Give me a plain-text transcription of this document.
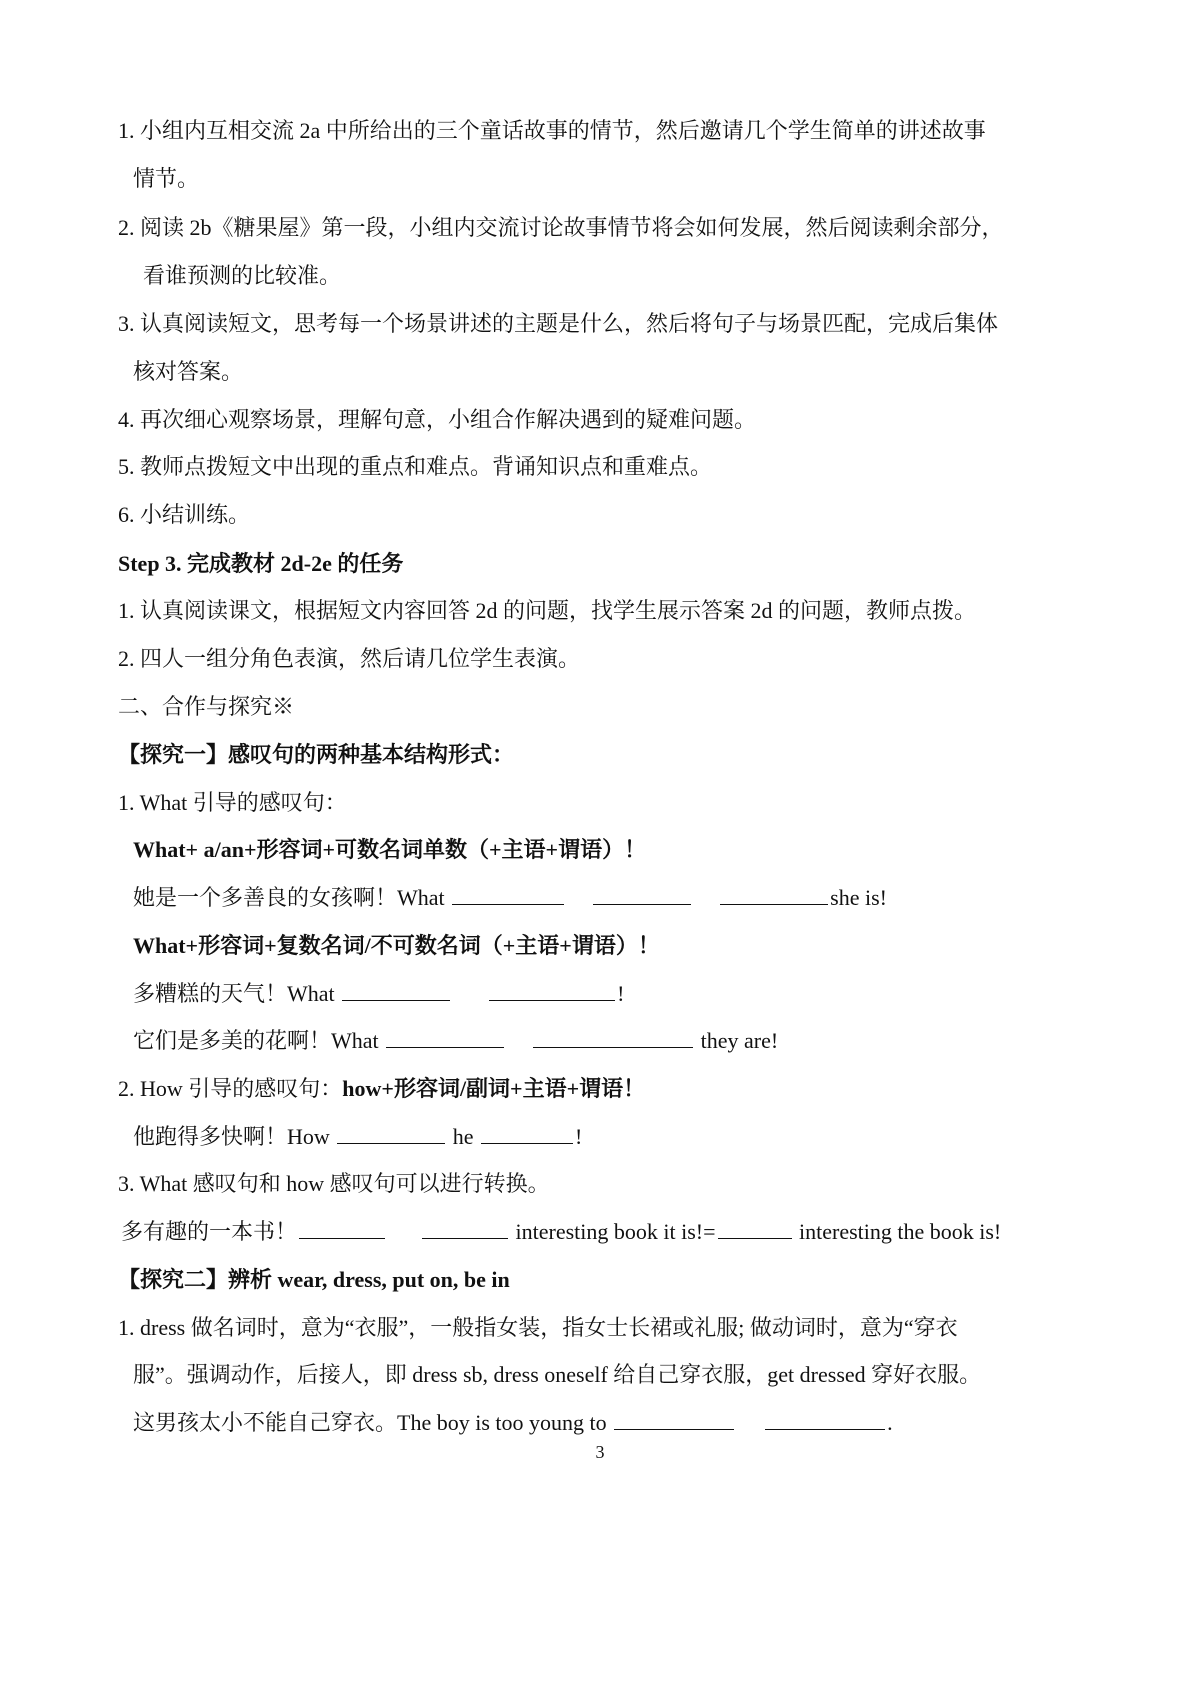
1. 小组内互相交流 2a 中所给出的三个童话故事的情节，然后邀请几个学生简单的讲述故事
情节。
2. 阅读 2b《糖果屋》第一段，小组内交流讨论故事情节将会如何发展，然后阅读剩余部分，
看谁预测的比较准。
3. 认真阅读短文，思考每一个场景讲述的主题是什么，然后将句子与场景匹配，完成后集体
核对答案。
4. 再次细心观察场景，理解句意，小组合作解决遇到的疑难问题。
5. 教师点拨短文中出现的重点和难点。背诵知识点和重难点。
6. 小结训练。
Step 3. 完成教材 2d-2e 的任务
1. 认真阅读课文，根据短文内容回答 2d 的问题，找学生展示答案 2d 的问题，教师点拨。
2. 四人一组分角色表演，然后请几位学生表演。
二、合作与探究※
【探究一】感叹句的两种基本结构形式：
1. What 引导的感叹句：
What+ a/an+形容词+可数名词单数（+主语+谓语）！
她是一个多善良的女孩啊！What	she is!
What+形容词+复数名词/不可数名词（+主语+谓语）！
多糟糕的天气！What	!
它们是多美的花啊！What	they are!
2. How 引导的感叹句：how+形容词/副词+主语+谓语！
他跑得多快啊！How	he	!
3. What 感叹句和 how 感叹句可以进行转换。
多有趣的一本书！	interesting book it is!=	interesting the book is!
【探究二】辨析 wear, dress, put on, be in
1. dress 做名词时，意为“衣服”，一般指女装，指女士长裙或礼服; 做动词时，意为“穿衣
服”。强调动作，后接人，即 dress sb, dress oneself 给自己穿衣服，get dressed 穿好衣服。
这男孩太小不能自己穿衣。The boy is too young to	.
3
